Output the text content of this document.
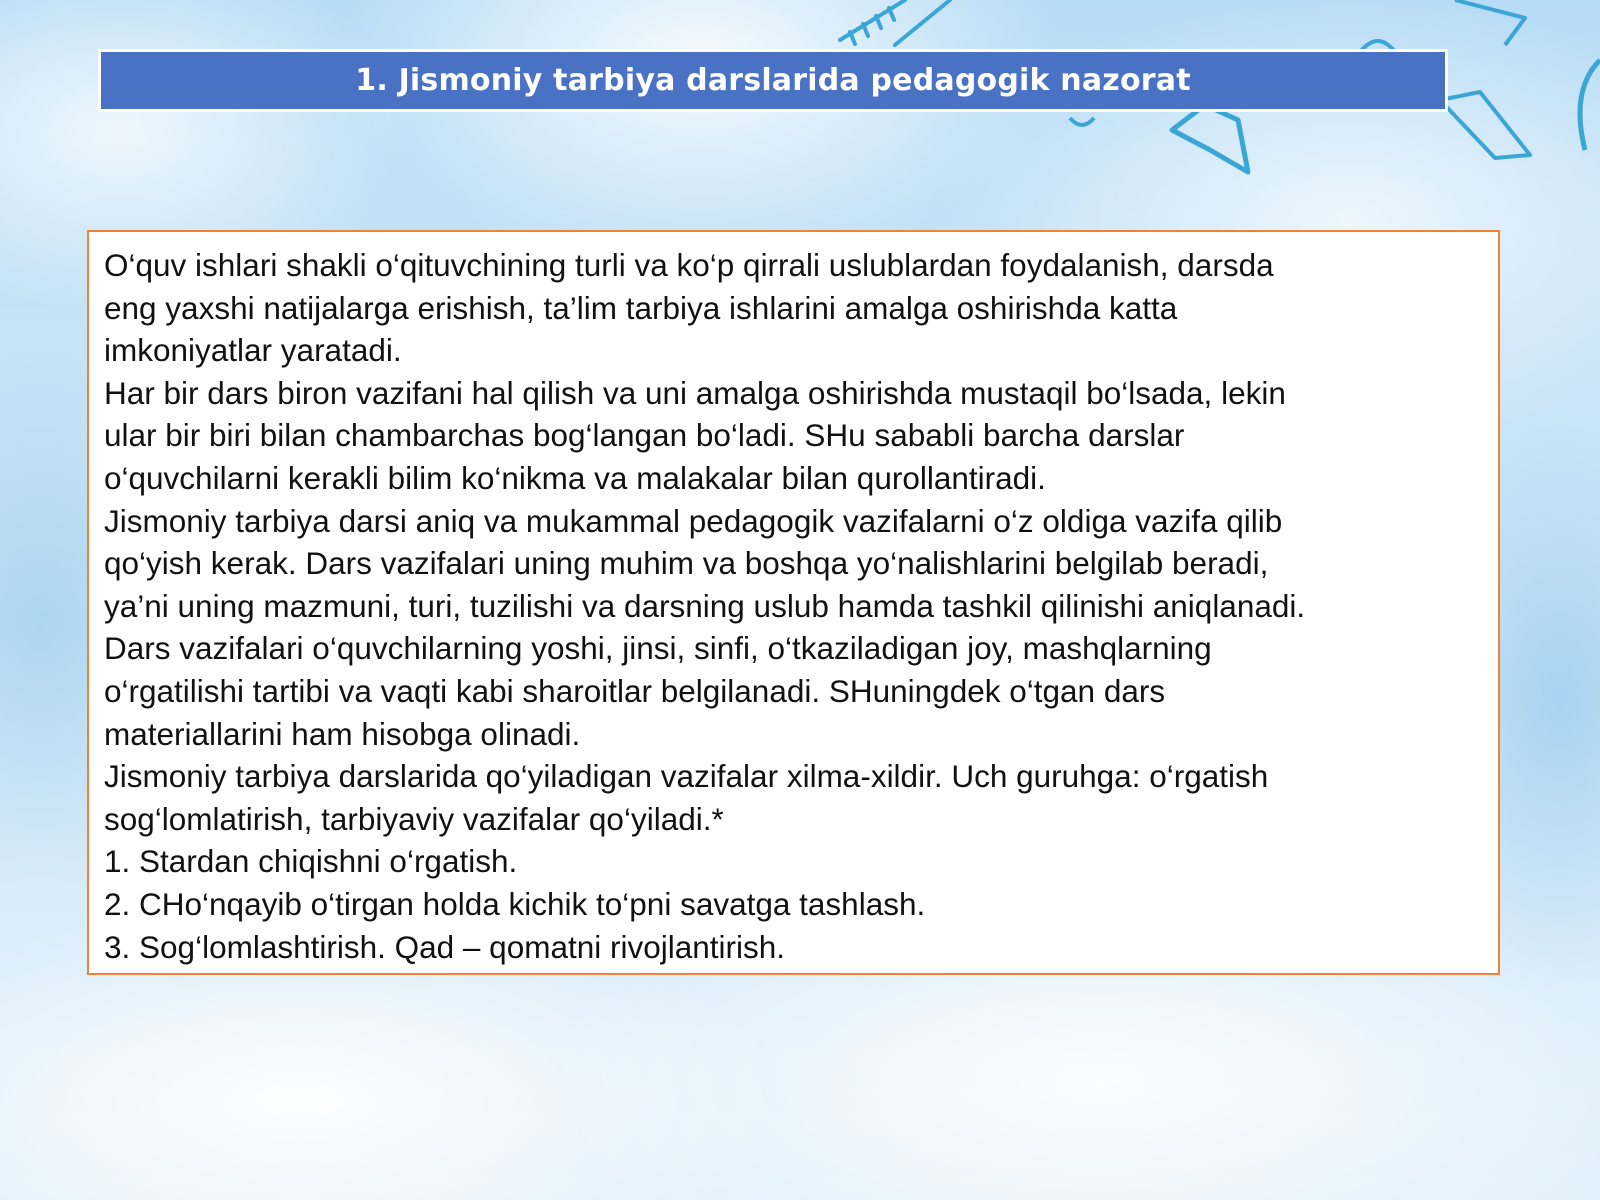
1. Jismoniy tarbiya darslarida pedagogik nazorat
O‘quv ishlari shakli o‘qituvchining turli va ko‘p qirrali uslublardan foydalanish, darsda
eng yaxshi natijalarga erishish, ta’lim tarbiya ishlarini amalga oshirishda katta
imkoniyatlar yaratadi.
Har bir dars biron vazifani hal qilish va uni amalga oshirishda mustaqil bo‘lsada, lekin
ular bir biri bilan chambarchas bog‘langan bo‘ladi. SHu sababli barcha darslar
o‘quvchilarni kerakli bilim ko‘nikma va malakalar bilan qurollantiradi.
Jismoniy tarbiya darsi aniq va mukammal pedagogik vazifalarni o‘z oldiga vazifa qilib
qo‘yish kerak. Dars vazifalari uning muhim va boshqa yo‘nalishlarini belgilab beradi,
ya’ni uning mazmuni, turi, tuzilishi va darsning uslub hamda tashkil qilinishi aniqlanadi.
Dars vazifalari o‘quvchilarning yoshi, jinsi, sinfi, o‘tkaziladigan joy, mashqlarning
o‘rgatilishi tartibi va vaqti kabi sharoitlar belgilanadi. SHuningdek o‘tgan dars
materiallarini ham hisobga olinadi.
Jismoniy tarbiya darslarida qo‘yiladigan vazifalar xilma-xildir. Uch guruhga: o‘rgatish
sog‘lomlatirish, tarbiyaviy vazifalar qo‘yiladi.*
1. Stardan chiqishni o‘rgatish.
2. CHo‘nqayib o‘tirgan holda kichik to‘pni savatga tashlash.
3. Sog‘lomlashtirish. Qad – qomatni rivojlantirish.
